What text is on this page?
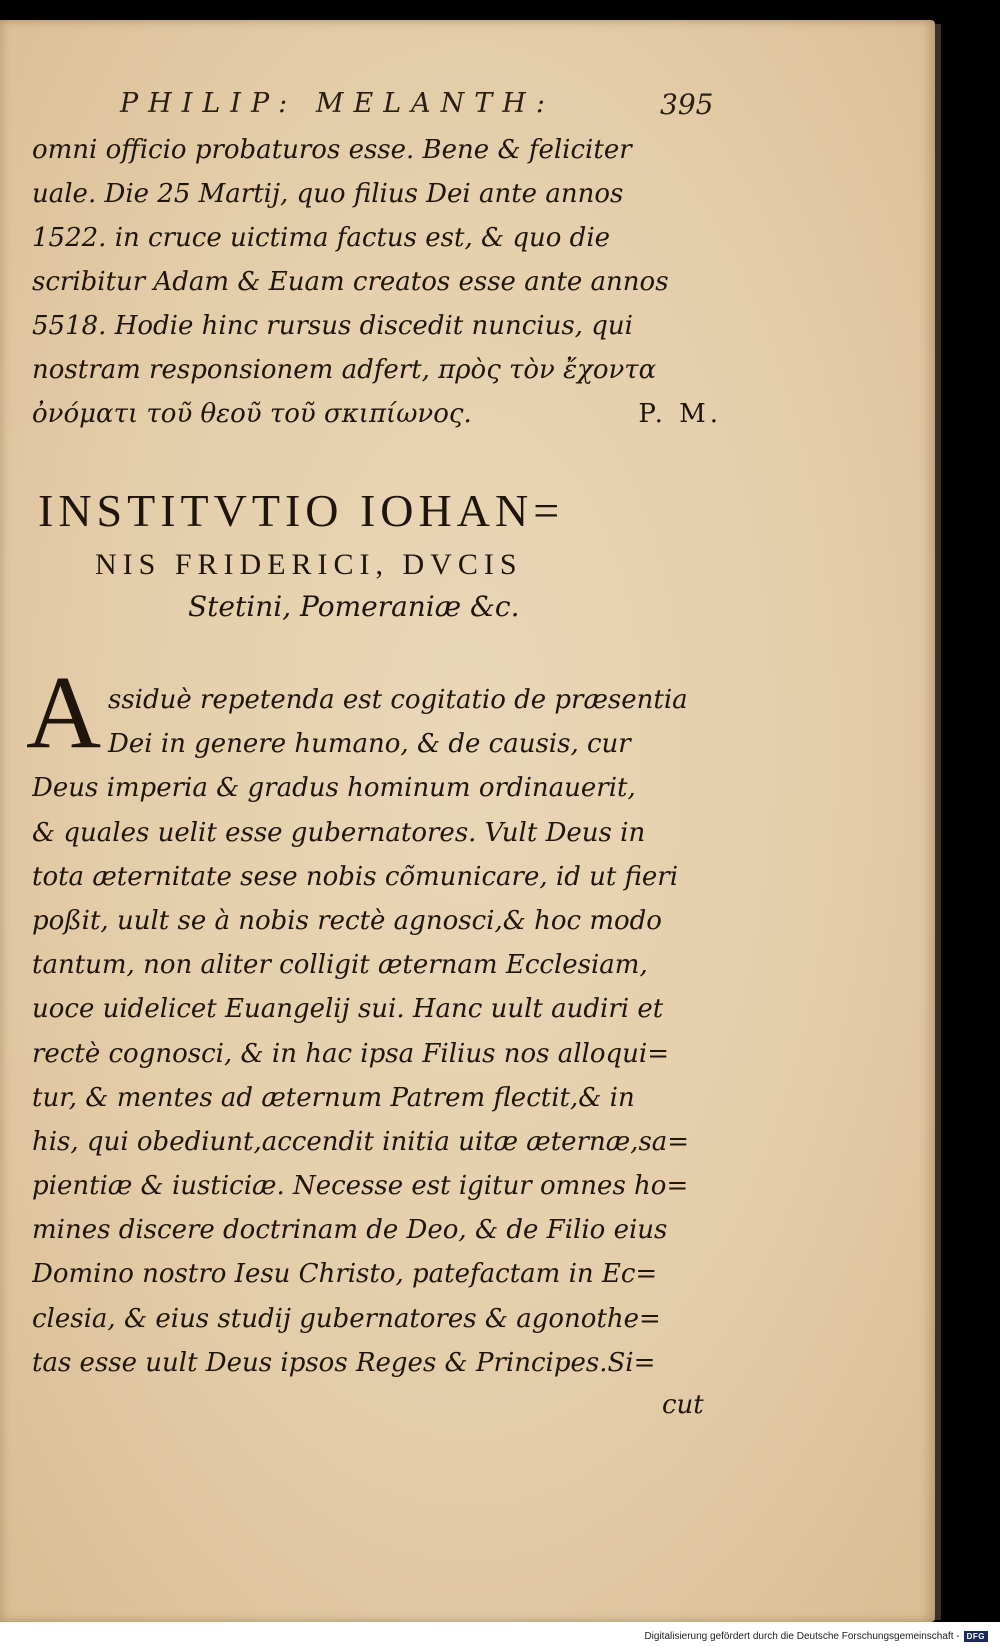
PHILIP: MELANTH:	395
omni officio probaturos esse. Bene & feliciter
uale. Die 25 Martij, quo filius Dei ante annos
1522. in cruce uictima factus est, & quo die
scribitur Adam & Euam creatos esse ante annos
5518. Hodie hinc rursus discedit nuncius, qui
nostram responsionem adfert, πρὸς τὸν ἔχοντα
ὀνόματι τοῦ θεοῦ τοῦ σκιπίωνος.	P. M.
INSTITVTIO IOHAN=
NIS FRIDERICI, DVCIS
Stetini, Pomeraniæ &c.
A ssiduè repetenda est cogitatio de præsentia
Dei in genere humano, & de causis, cur
Deus imperia & gradus hominum ordinauerit,
& quales uelit esse gubernatores. Vult Deus in
tota æternitate sese nobis cõmunicare, id ut fieri
poßit, uult se à nobis rectè agnosci,& hoc modo
tantum, non aliter colligit æternam Ecclesiam,
uoce uidelicet Euangelij sui. Hanc uult audiri et
rectè cognosci, & in hac ipsa Filius nos alloqui=
tur, & mentes ad æternum Patrem flectit,& in
his, qui obediunt,accendit initia uitæ æternæ,sa=
pientiæ & iusticiæ. Necesse est igitur omnes ho=
mines discere doctrinam de Deo, & de Filio eius
Domino nostro Iesu Christo, patefactam in Ec=
clesia, & eius studij gubernatores & agonothe=
tas esse uult Deus ipsos Reges & Principes.Si=
cut
Digitalisierung gefördert durch die Deutsche Forschungsgemeinschaft - DFG
